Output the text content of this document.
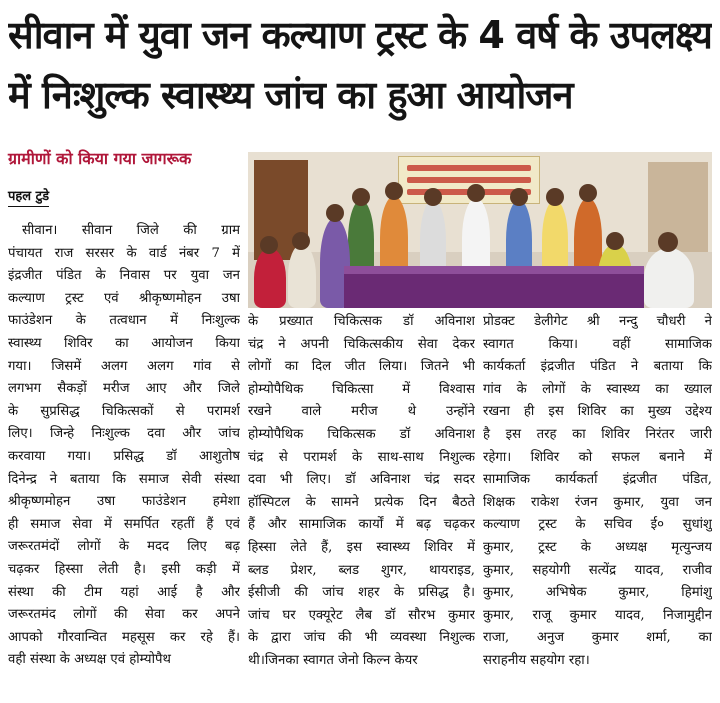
सीवान में युवा जन कल्याण ट्रस्ट के 4 वर्ष के उपलक्ष्य
में निःशुल्क स्वास्थ्य जांच का हुआ आयोजन
ग्रामीणों को किया गया जागरूक
पहल टुडे
सीवान। सीवान जिले की ग्राम
पंचायत राज सरसर के वार्ड नंबर 7 में
इंद्रजीत पंडित के निवास पर युवा जन
कल्याण ट्रस्ट एवं श्रीकृष्णमोहन उषा
फाउंडेशन के तत्वधान में निःशुल्क
स्वास्थ्य शिविर का आयोजन किया
गया। जिसमें अलग अलग गांव से
लगभग सैकड़ों मरीज आए और जिले
के सुप्रसिद्ध चिकित्सकों से परामर्श
लिए। जिन्हे निःशुल्क दवा और जांच
करवाया गया। प्रसिद्ध डॉ आशुतोष
दिनेन्द्र ने बताया कि समाज सेवी संस्था
श्रीकृष्णमोहन उषा फाउंडेशन हमेशा
ही समाज सेवा में समर्पित रहतीं हैं एवं
जरूरतमंदों लोगों के मदद लिए बढ़
चढ़कर हिस्सा लेती है। इसी कड़ी में
संस्था की टीम यहां आई है और
जरूरतमंद लोगों की सेवा कर अपने
आपको गौरवान्वित महसूस कर रहे हैं।
वही संस्था के अध्यक्ष एवं होम्योपैथ
के प्रख्यात चिकित्सक डॉ अविनाश
चंद्र ने अपनी चिकित्सकीय सेवा देकर
लोगों का दिल जीत लिया। जितने भी
होम्योपैथिक चिकित्सा में विश्वास
रखने वाले मरीज थे उन्होंने
होम्योपैथिक चिकित्सक डॉ अविनाश
चंद्र से परामर्श के साथ-साथ निशुल्क
दवा भी लिए। डॉ अविनाश चंद्र सदर
हॉस्पिटल के सामने प्रत्येक दिन बैठते
हैं और सामाजिक कार्यों में बढ़ चढ़कर
हिस्सा लेते हैं, इस स्वास्थ्य शिविर में
ब्लड प्रेशर, ब्लड शुगर, थायराइड,
ईसीजी की जांच शहर के प्रसिद्ध है।
जांच घर एक्यूरेट लैब डॉ सौरभ कुमार
के द्वारा जांच की भी व्यवस्था निशुल्क
थी।जिनका स्वागत जेनो किल्न केयर
प्रोडक्ट डेलीगेट श्री नन्दु चौधरी ने
स्वागत किया। वहीं सामाजिक
कार्यकर्ता इंद्रजीत पंडित ने बताया कि
गांव के लोगों के स्वास्थ्य का ख्याल
रखना ही इस शिविर का मुख्य उद्देश्य
है इस तरह का शिविर निरंतर जारी
रहेगा। शिविर को सफल बनाने में
सामाजिक कार्यकर्ता इंद्रजीत पंडित,
शिक्षक राकेश रंजन कुमार, युवा जन
कल्याण ट्रस्ट के सचिव ई० सुधांशु
कुमार, ट्रस्ट के अध्यक्ष मृत्युन्जय
कुमार, सहयोगी सत्येंद्र यादव, राजीव
कुमार, अभिषेक कुमार, हिमांशु
कुमार, राजू कुमार यादव, निजामुद्दीन
राजा, अनुज कुमार शर्मा, का
सराहनीय सहयोग रहा।
